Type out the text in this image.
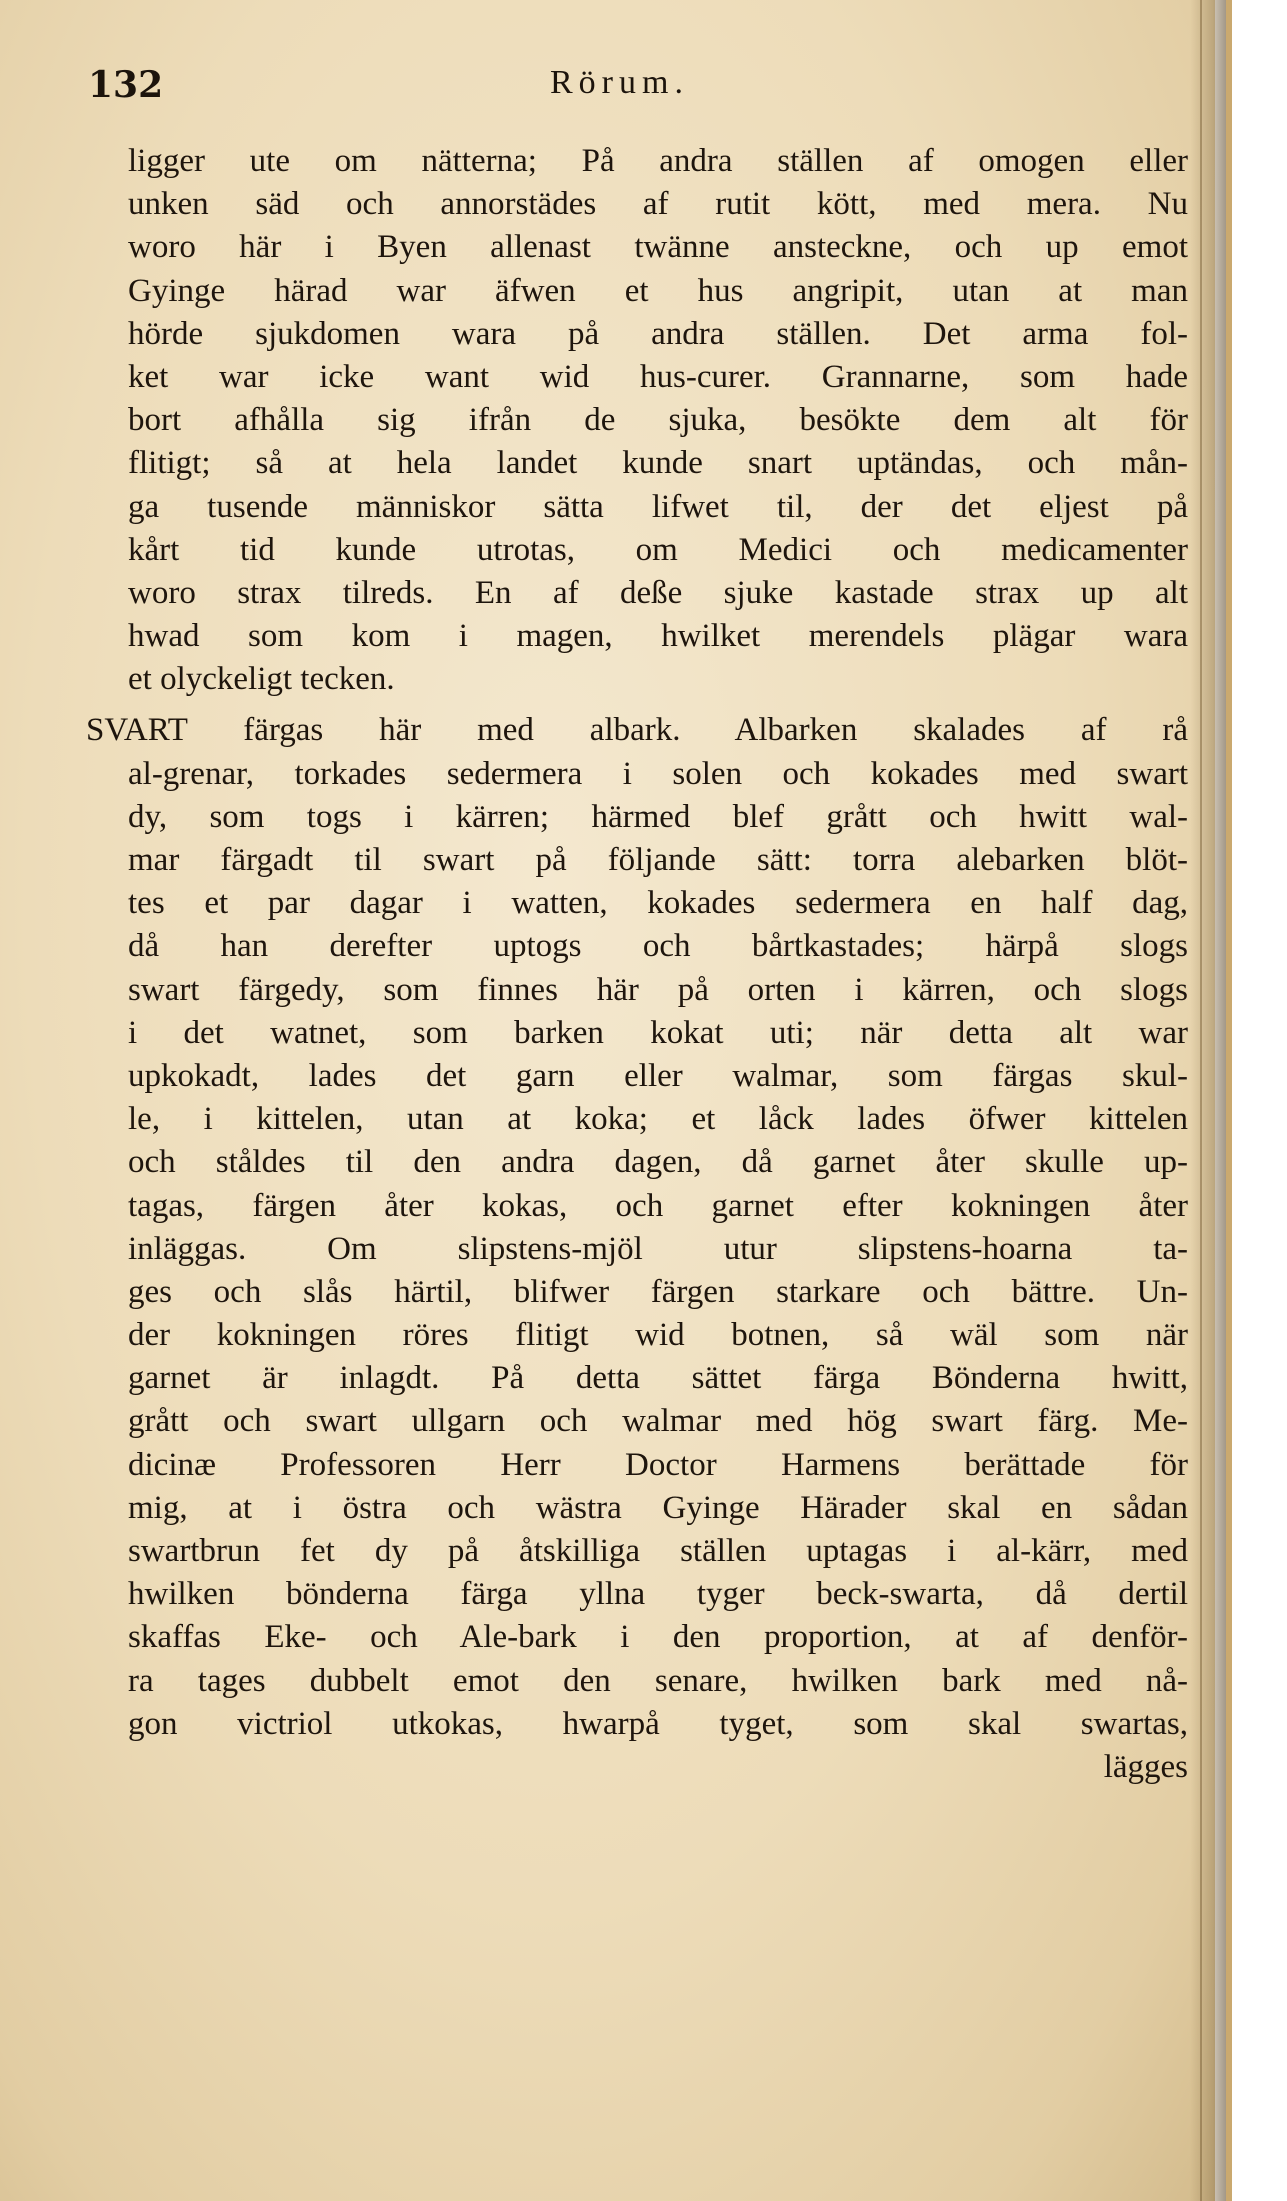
132	Rörum.
ligger ute om nätterna; På andra ställen af omogen eller
unken säd och annorstädes af rutit kött, med mera. Nu
woro här i Byen allenast twänne ansteckne, och up emot
Gyinge härad war äfwen et hus angripit, utan at man
hörde sjukdomen wara på andra ställen. Det arma fol-
ket war icke want wid hus-curer. Grannarne, som hade
bort afhålla sig ifrån de sjuka, besökte dem alt för
flitigt; så at hela landet kunde snart uptändas, och mån-
ga tusende människor sätta lifwet til, der det eljest på
kårt tid kunde utrotas, om Medici och medicamenter
woro strax tilreds. En af deße sjuke kastade strax up alt
hwad som kom i magen, hwilket merendels plägar wara
et olyckeligt tecken.
SVART färgas här med albark. Albarken skalades af rå
al-grenar, torkades sedermera i solen och kokades med swart
dy, som togs i kärren; härmed blef grått och hwitt wal-
mar färgadt til swart på följande sätt: torra alebarken blöt-
tes et par dagar i watten, kokades sedermera en half dag,
då han derefter uptogs och bårtkastades; härpå slogs
swart färgedy, som finnes här på orten i kärren, och slogs
i det watnet, som barken kokat uti; när detta alt war
upkokadt, lades det garn eller walmar, som färgas skul-
le, i kittelen, utan at koka; et låck lades öfwer kittelen
och ståldes til den andra dagen, då garnet åter skulle up-
tagas, färgen åter kokas, och garnet efter kokningen åter
inläggas. Om slipstens-mjöl utur slipstens-hoarna ta-
ges och slås härtil, blifwer färgen starkare och bättre. Un-
der kokningen röres flitigt wid botnen, så wäl som när
garnet är inlagdt. På detta sättet färga Bönderna hwitt,
grått och swart ullgarn och walmar med hög swart färg. Me-
dicinæ Professoren Herr Doctor Harmens berättade för
mig, at i östra och wästra Gyinge Härader skal en sådan
swartbrun fet dy på åtskilliga ställen uptagas i al-kärr, med
hwilken bönderna färga yllna tyger beck-swarta, då dertil
skaffas Eke- och Ale-bark i den proportion, at af denför-
ra tages dubbelt emot den senare, hwilken bark med nå-
gon victriol utkokas, hwarpå tyget, som skal swartas,
lägges
